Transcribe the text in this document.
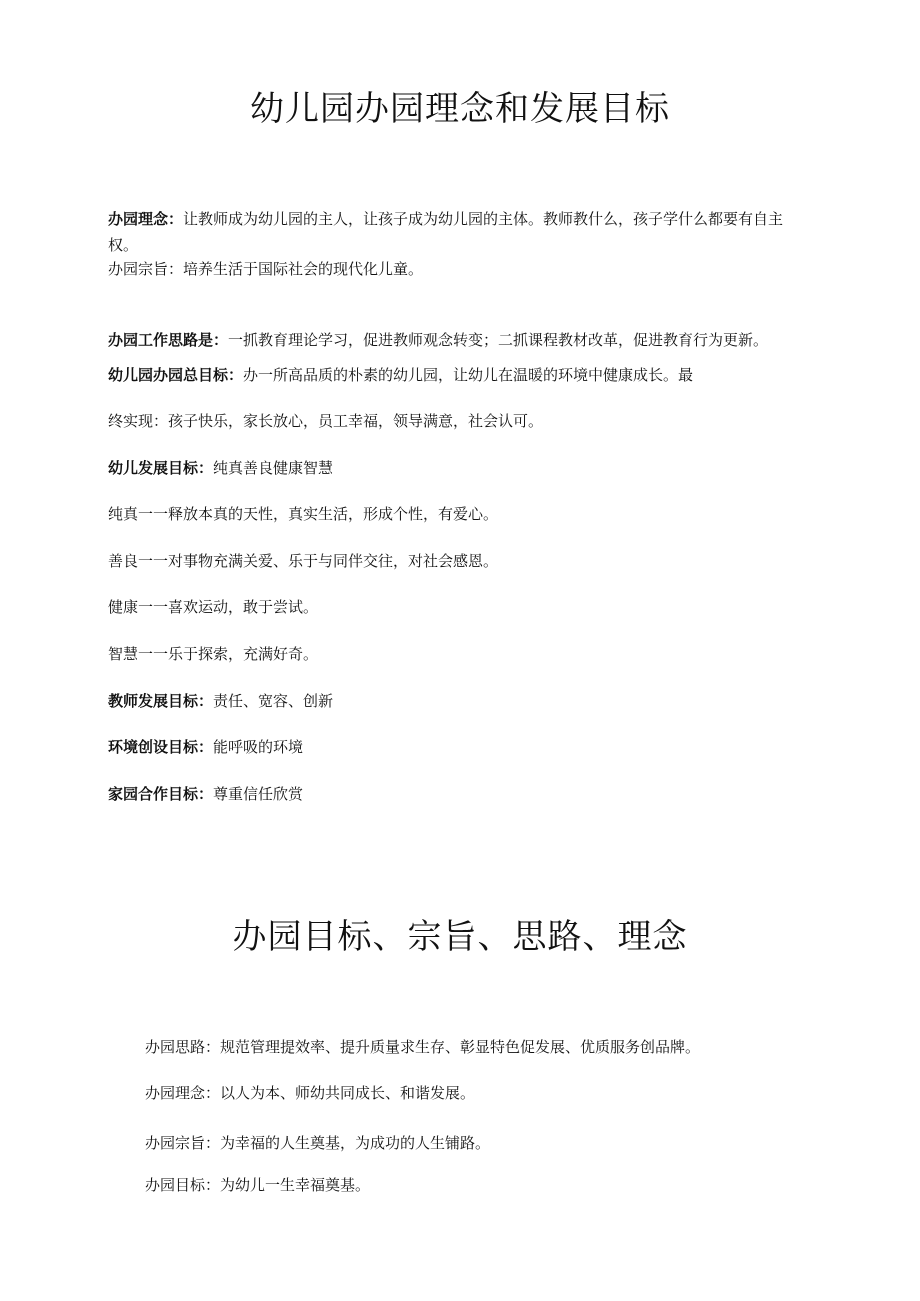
幼儿园办园理念和发展目标

办园理念：让教师成为幼儿园的主人，让孩子成为幼儿园的主体。教师教什么，孩子学什么都要有自主权。

办园宗旨：培养生活于国际社会的现代化儿童。

办园工作思路是：一抓教育理论学习，促进教师观念转变；二抓课程教材改革，促进教育行为更新。

幼儿园办园总目标：办一所高品质的朴素的幼儿园，让幼儿在温暖的环境中健康成长。最

终实现：孩子快乐，家长放心，员工幸福，领导满意，社会认可。

幼儿发展目标：纯真善良健康智慧

纯真一一释放本真的天性，真实生活，形成个性，有爱心。

善良一一对事物充满关爱、乐于与同伴交往，对社会感恩。

健康一一喜欢运动，敢于尝试。

智慧一一乐于探索，充满好奇。

教师发展目标：责任、宽容、创新

环境创设目标：能呼吸的环境

家园合作目标：尊重信任欣赏

办园目标、宗旨、思路、理念

办园思路：规范管理提效率、提升质量求生存、彰显特色促发展、优质服务创品牌。

办园理念：以人为本、师幼共同成长、和谐发展。

办园宗旨：为幸福的人生奠基，为成功的人生铺路。

办园目标：为幼儿一生幸福奠基。
